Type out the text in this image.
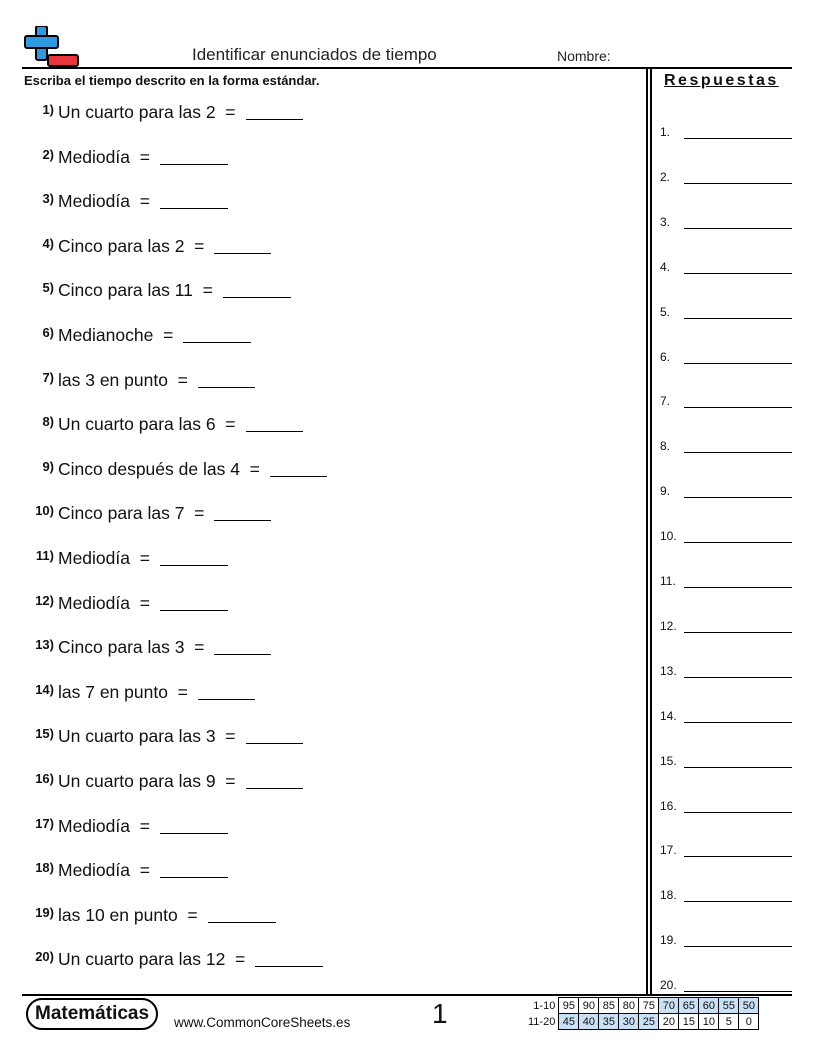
Identificar enunciados de tiempo	Nombre:
Escriba el tiempo descrito en la forma estándar.
1) Un cuarto para las 2  =
2) Mediodía  =
3) Mediodía  =
4) Cinco para las 2  =
5) Cinco para las 11  =
6) Medianoche  =
7) las 3 en punto  =
8) Un cuarto para las 6  =
9) Cinco después de las 4  =
10) Cinco para las 7  =
11) Mediodía  =
12) Mediodía  =
13) Cinco para las 3  =
14) las 7 en punto  =
15) Un cuarto para las 3  =
16) Un cuarto para las 9  =
17) Mediodía  =
18) Mediodía  =
19) las 10 en punto  =
20) Un cuarto para las 12  =
Respuestas
1.
2.
3.
4.
5.
6.
7.
8.
9.
10.
11.
12.
13.
14.
15.
16.
17.
18.
19.
20.
Matemáticas	www.CommonCoreSheets.es	1	1-10	95	90	85	80	75	70	65	60	55	50
11-20	45	40	35	30	25	20	15	10	5	0
